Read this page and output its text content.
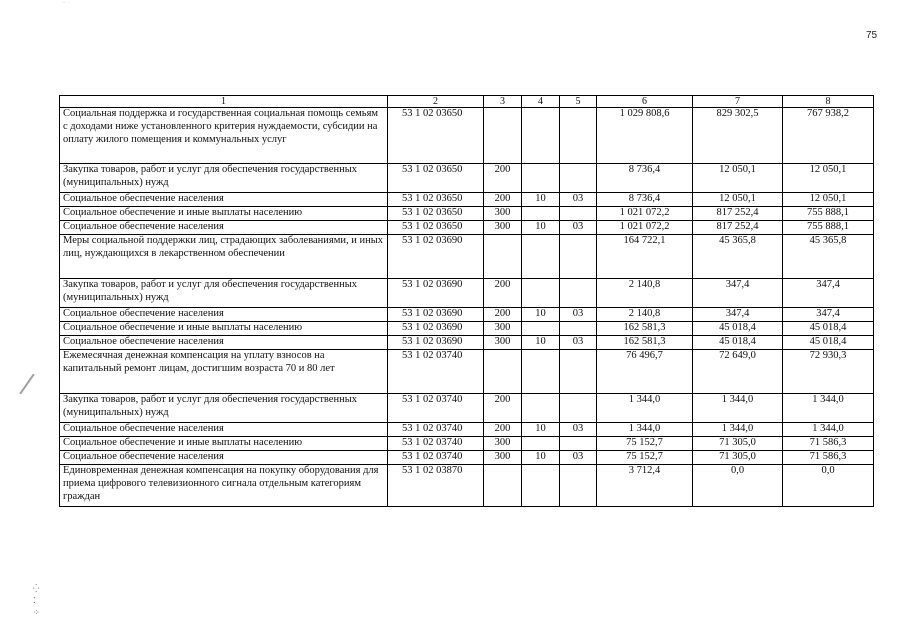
·· ·
75
1	2	3	4	5	6	7	8
Социальная поддержка и государственная социальная помощь семьям с доходами ниже установленного критерия нуждаемости, субсидии на оплату жилого помещения и коммунальных услуг	53 1 02 03650				1 029 808,6	829 302,5	767 938,2
Закупка товаров, работ и услуг для обеспечения государственных (муниципальных) нужд	53 1 02 03650	200			8 736,4	12 050,1	12 050,1
Социальное обеспечение населения	53 1 02 03650	200	10	03	8 736,4	12 050,1	12 050,1
Социальное обеспечение и иные выплаты населению	53 1 02 03650	300			1 021 072,2	817 252,4	755 888,1
Социальное обеспечение населения	53 1 02 03650	300	10	03	1 021 072,2	817 252,4	755 888,1
Меры социальной поддержки лиц, страдающих заболеваниями, и иных лиц, нуждающихся в лекарственном обеспечении	53 1 02 03690				164 722,1	45 365,8	45 365,8
Закупка товаров, работ и услуг для обеспечения государственных (муниципальных) нужд	53 1 02 03690	200			2 140,8	347,4	347,4
Социальное обеспечение населения	53 1 02 03690	200	10	03	2 140,8	347,4	347,4
Социальное обеспечение и иные выплаты населению	53 1 02 03690	300			162 581,3	45 018,4	45 018,4
Социальное обеспечение населения	53 1 02 03690	300	10	03	162 581,3	45 018,4	45 018,4
Ежемесячная денежная компенсация на уплату взносов на капитальный ремонт лицам, достигшим возраста 70 и 80 лет	53 1 02 03740				76 496,7	72 649,0	72 930,3
Закупка товаров, работ и услуг для обеспечения государственных (муниципальных) нужд	53 1 02 03740	200			1 344,0	1 344,0	1 344,0
Социальное обеспечение населения	53 1 02 03740	200	10	03	1 344,0	1 344,0	1 344,0
Социальное обеспечение и иные выплаты населению	53 1 02 03740	300			75 152,7	71 305,0	71 586,3
Социальное обеспечение населения	53 1 02 03740	300	10	03	75 152,7	71 305,0	71 586,3
Единовременная денежная компенсация на покупку оборудования для приема цифрового телевизионного сигнала отдельным категориям граждан	53 1 02 03870				3 712,4	0,0	0,0
⁛
⁚
⁘
